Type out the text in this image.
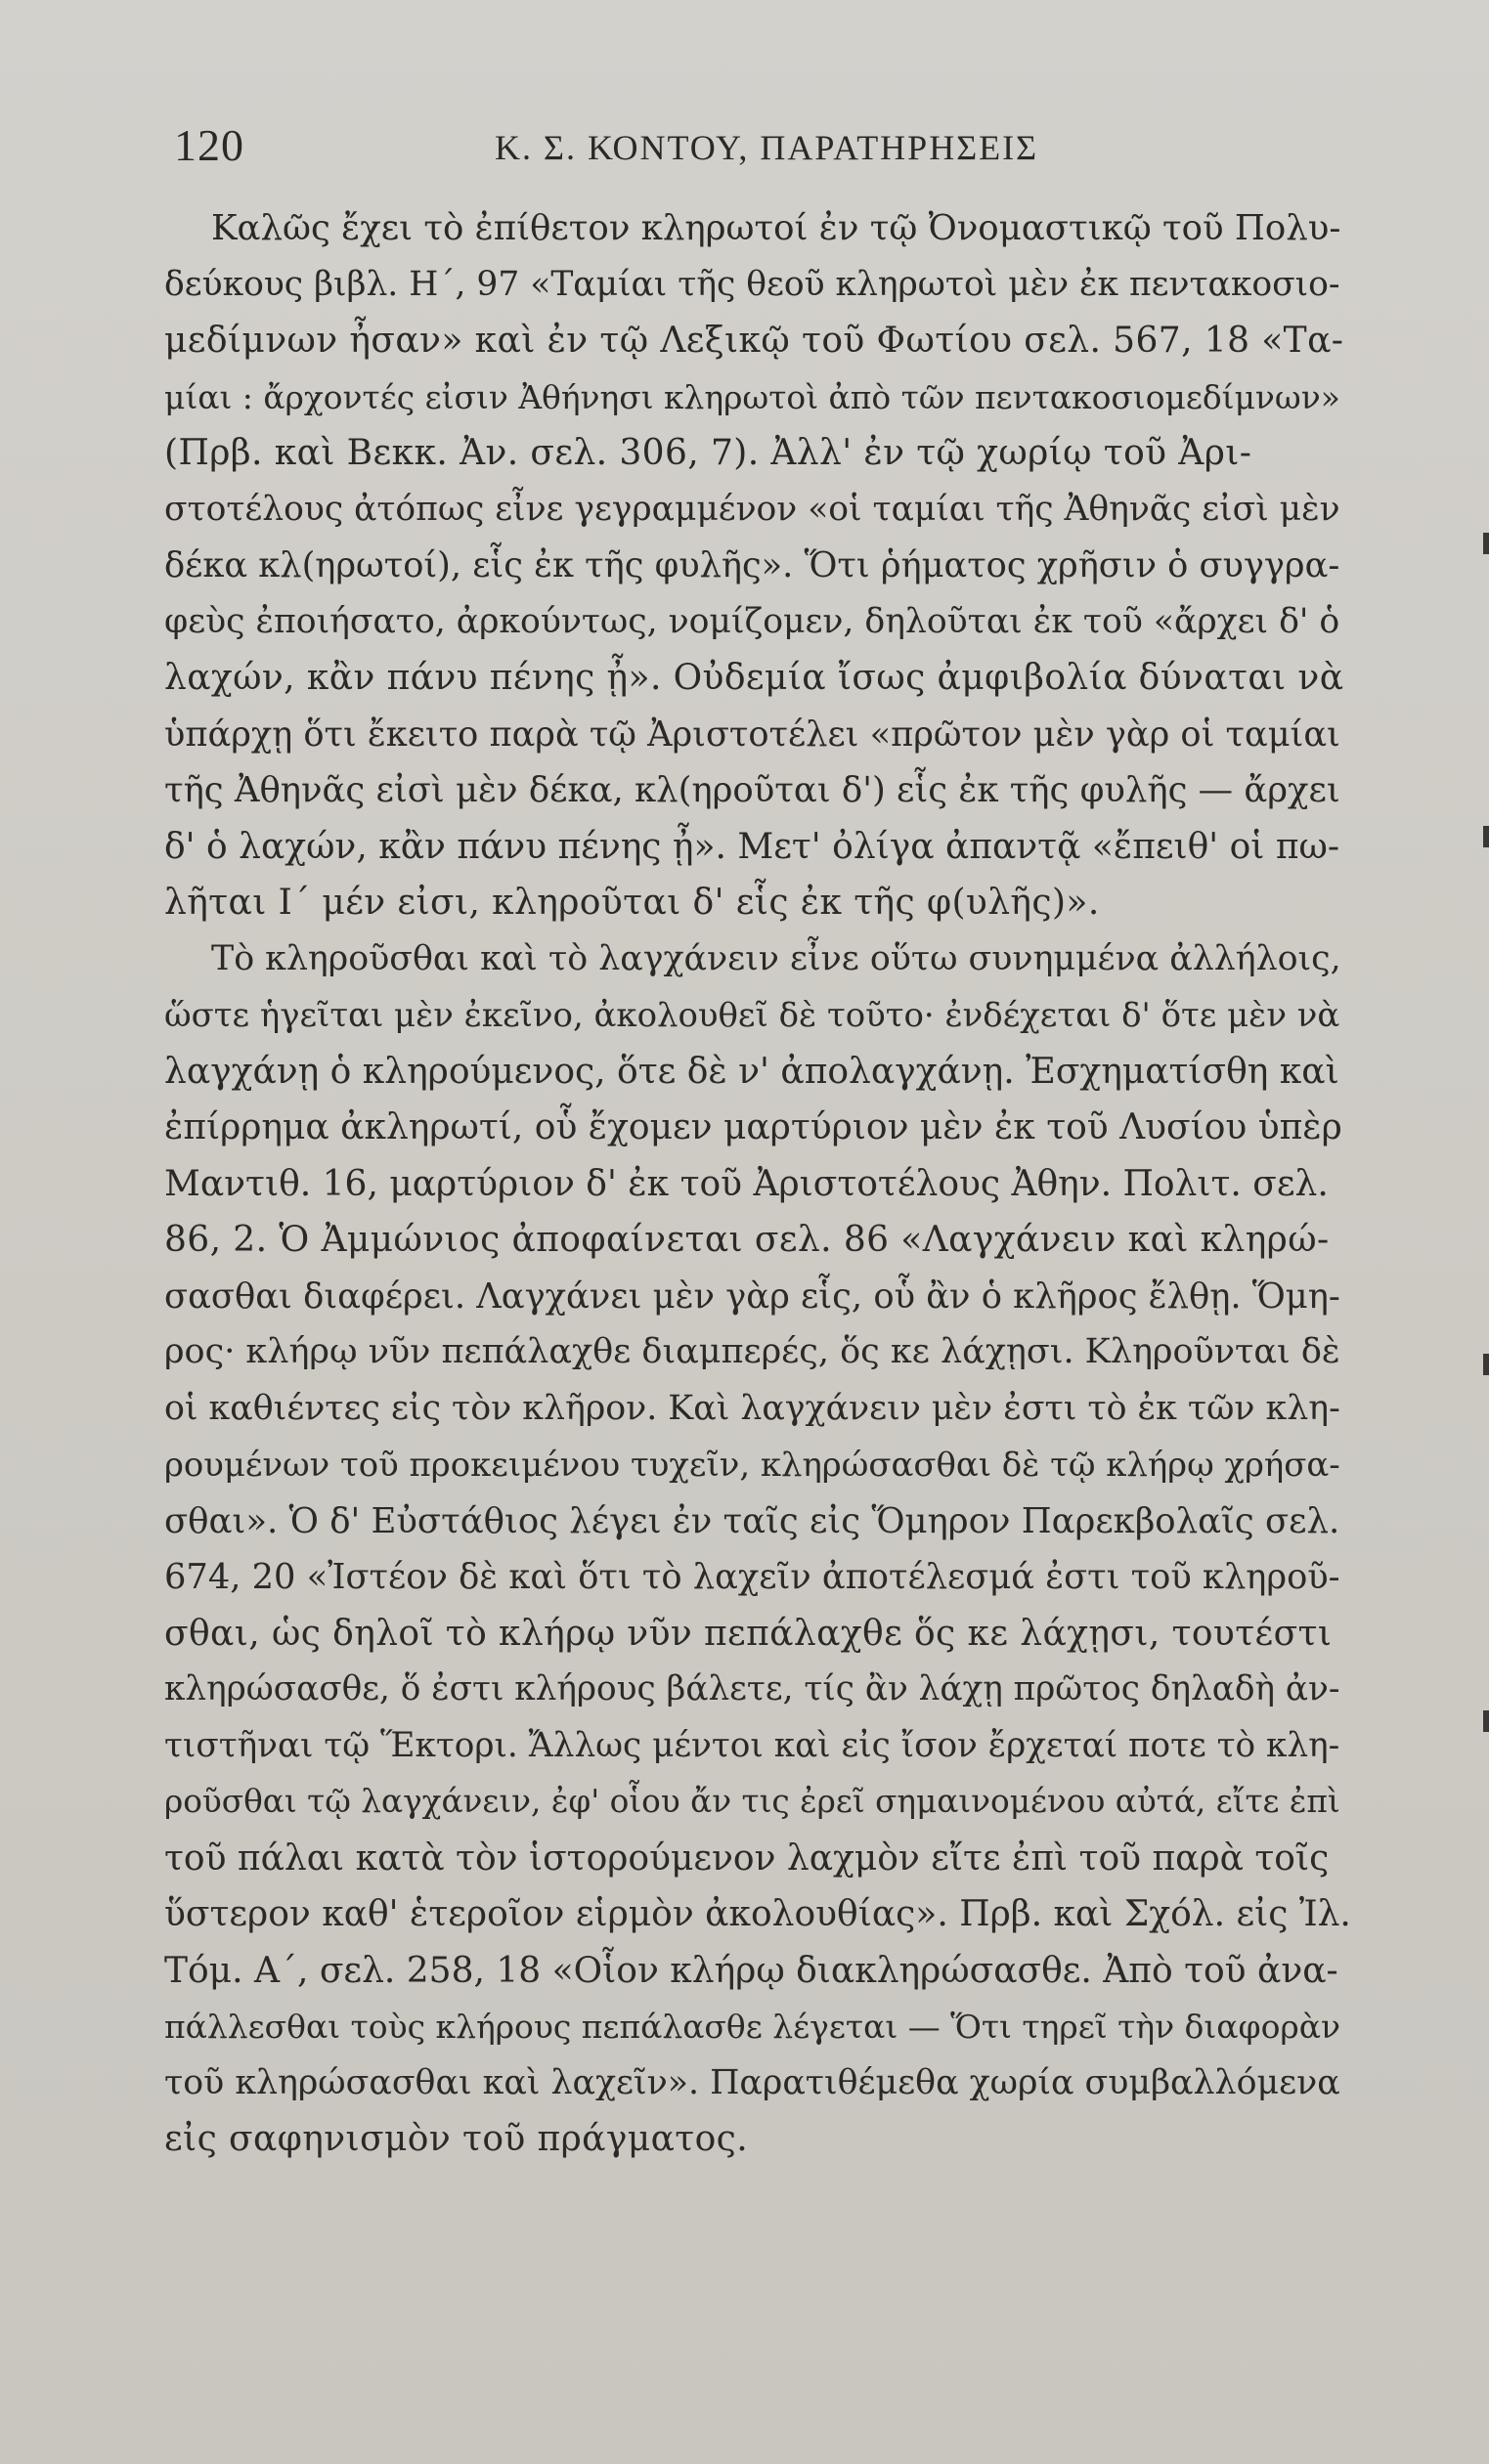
120	Κ. Σ. ΚΟΝΤΟΥ, ΠΑΡΑΤΗΡΗΣΕΙΣ
Καλῶς ἔχει τὸ ἐπίθετον κληρωτοί ἐν τῷ Ὀνομαστικῷ τοῦ Πολυ-
δεύκους βιβλ. Η΄, 97 «Ταμίαι τῆς θεοῦ κληρωτοὶ μὲν ἐκ πεντακοσιο-
μεδίμνων ἦσαν» καὶ ἐν τῷ Λεξικῷ τοῦ Φωτίου σελ. 567, 18 «Τα-
μίαι : ἄρχοντές εἰσιν Ἀθήνησι κληρωτοὶ ἀπὸ τῶν πεντακοσιομεδίμνων»
(Πρβ. καὶ Βεκκ. Ἀν. σελ. 306, 7). Ἀλλ' ἐν τῷ χωρίῳ τοῦ Ἀρι-
στοτέλους ἀτόπως εἶνε γεγραμμένον «οἱ ταμίαι τῆς Ἀθηνᾶς εἰσὶ μὲν
δέκα κλ(ηρωτοί), εἷς ἐκ τῆς φυλῆς». Ὅτι ῥήματος χρῆσιν ὁ συγγρα-
φεὺς ἐποιήσατο, ἀρκούντως, νομίζομεν, δηλοῦται ἐκ τοῦ «ἄρχει δ' ὁ
λαχών, κἂν πάνυ πένης ᾖ». Οὐδεμία ἴσως ἀμφιβολία δύναται νὰ
ὑπάρχῃ ὅτι ἔκειτο παρὰ τῷ Ἀριστοτέλει «πρῶτον μὲν γὰρ οἱ ταμίαι
τῆς Ἀθηνᾶς εἰσὶ μὲν δέκα, κλ(ηροῦται δ') εἷς ἐκ τῆς φυλῆς — ἄρχει
δ' ὁ λαχών, κἂν πάνυ πένης ᾖ». Μετ' ὀλίγα ἀπαντᾷ «ἔπειθ' οἱ πω-
λῆται Ι΄ μέν εἰσι, κληροῦται δ' εἷς ἐκ τῆς φ(υλῆς)».
Τὸ κληροῦσθαι καὶ τὸ λαγχάνειν εἶνε οὕτω συνημμένα ἀλλήλοις,
ὥστε ἡγεῖται μὲν ἐκεῖνο, ἀκολουθεῖ δὲ τοῦτο· ἐνδέχεται δ' ὅτε μὲν νὰ
λαγχάνῃ ὁ κληρούμενος, ὅτε δὲ ν' ἀπολαγχάνῃ. Ἐσχηματίσθη καὶ
ἐπίρρημα ἀκληρωτί, οὗ ἔχομεν μαρτύριον μὲν ἐκ τοῦ Λυσίου ὑπὲρ
Μαντιθ. 16, μαρτύριον δ' ἐκ τοῦ Ἀριστοτέλους Ἀθην. Πολιτ. σελ.
86, 2. Ὁ Ἀμμώνιος ἀποφαίνεται σελ. 86 «Λαγχάνειν καὶ κληρώ-
σασθαι διαφέρει. Λαγχάνει μὲν γὰρ εἷς, οὗ ἂν ὁ κλῆρος ἔλθῃ. Ὅμη-
ρος· κλήρῳ νῦν πεπάλαχθε διαμπερές, ὅς κε λάχῃσι. Κληροῦνται δὲ
οἱ καθιέντες εἰς τὸν κλῆρον. Καὶ λαγχάνειν μὲν ἐστι τὸ ἐκ τῶν κλη-
ρουμένων τοῦ προκειμένου τυχεῖν, κληρώσασθαι δὲ τῷ κλήρῳ χρήσα-
σθαι». Ὁ δ' Εὐστάθιος λέγει ἐν ταῖς εἰς Ὅμηρον Παρεκβολαῖς σελ.
674, 20 «Ἰστέον δὲ καὶ ὅτι τὸ λαχεῖν ἀποτέλεσμά ἐστι τοῦ κληροῦ-
σθαι, ὡς δηλοῖ τὸ κλήρῳ νῦν πεπάλαχθε ὅς κε λάχῃσι, τουτέστι
κληρώσασθε, ὅ ἐστι κλήρους βάλετε, τίς ἂν λάχῃ πρῶτος δηλαδὴ ἀν-
τιστῆναι τῷ Ἕκτορι. Ἄλλως μέντοι καὶ εἰς ἴσον ἔρχεταί ποτε τὸ κλη-
ροῦσθαι τῷ λαγχάνειν, ἐφ' οἷου ἄν τις ἐρεῖ σημαινομένου αὐτά, εἴτε ἐπὶ
τοῦ πάλαι κατὰ τὸν ἱστορούμενον λαχμὸν εἴτε ἐπὶ τοῦ παρὰ τοῖς
ὕστερον καθ' ἑτεροῖον εἱρμὸν ἀκολουθίας». Πρβ. καὶ Σχόλ. εἰς Ἰλ.
Τόμ. Α΄, σελ. 258, 18 «Οἷον κλήρῳ διακληρώσασθε. Ἀπὸ τοῦ ἀνα-
πάλλεσθαι τοὺς κλήρους πεπάλασθε λέγεται — Ὅτι τηρεῖ τὴν διαφορὰν
τοῦ κληρώσασθαι καὶ λαχεῖν». Παρατιθέμεθα χωρία συμβαλλόμενα
εἰς σαφηνισμὸν τοῦ πράγματος.
